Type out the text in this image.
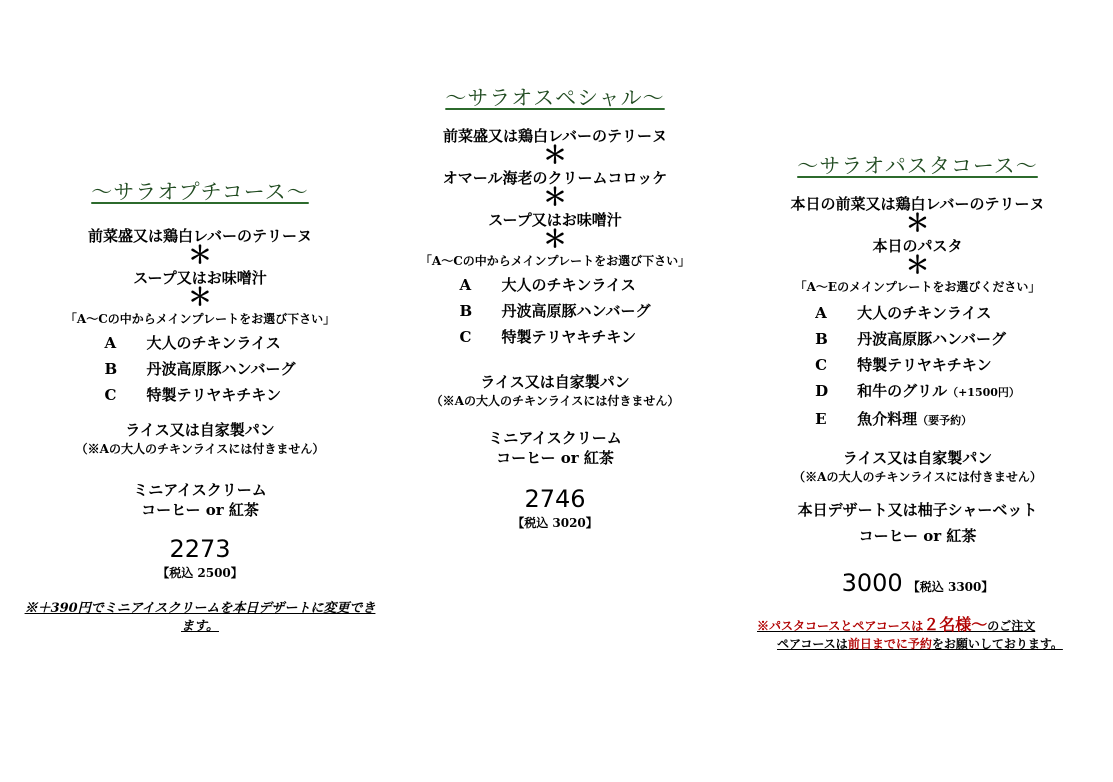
～サラオプチコース～
前菜盛又は鶏白レバーのテリーヌ
＊
スープ又はお味噌汁
＊
「A～Cの中からメインプレートをお選び下さい」
A 大人のチキンライス
B 丹波高原豚ハンバーグ
C 特製テリヤキチキン
ライス又は自家製パン
（※Aの大人のチキンライスには付きません）
ミニアイスクリーム
コーヒー or 紅茶
2273
【税込 2500】
※＋390円でミニアイスクリームを本日デザートに変更できます。
～サラオスペシャル～
前菜盛又は鶏白レバーのテリーヌ
＊
オマール海老のクリームコロッケ
＊
スープ又はお味噌汁
＊
「A～Cの中からメインプレートをお選び下さい」
A 大人のチキンライス
B 丹波高原豚ハンバーグ
C 特製テリヤキチキン
ライス又は自家製パン
（※Aの大人のチキンライスには付きません）
ミニアイスクリーム
コーヒー or 紅茶
2746
【税込 3020】
～サラオパスタコース～
本日の前菜又は鶏白レバーのテリーヌ
＊
本日のパスタ
＊
「A～Eのメインプレートをお選びください」
A 大人のチキンライス
B 丹波高原豚ハンバーグ
C 特製テリヤキチキン
D 和牛のグリル（+1500円）
E 魚介料理（要予約）
ライス又は自家製パン
（※Aの大人のチキンライスには付きません）
本日デザート又は柚子シャーベット
コーヒー or 紅茶
3000 【税込 3300】
※パスタコースとペアコースは２名様～のご注文
ペアコースは前日までに予約をお願いしております。
